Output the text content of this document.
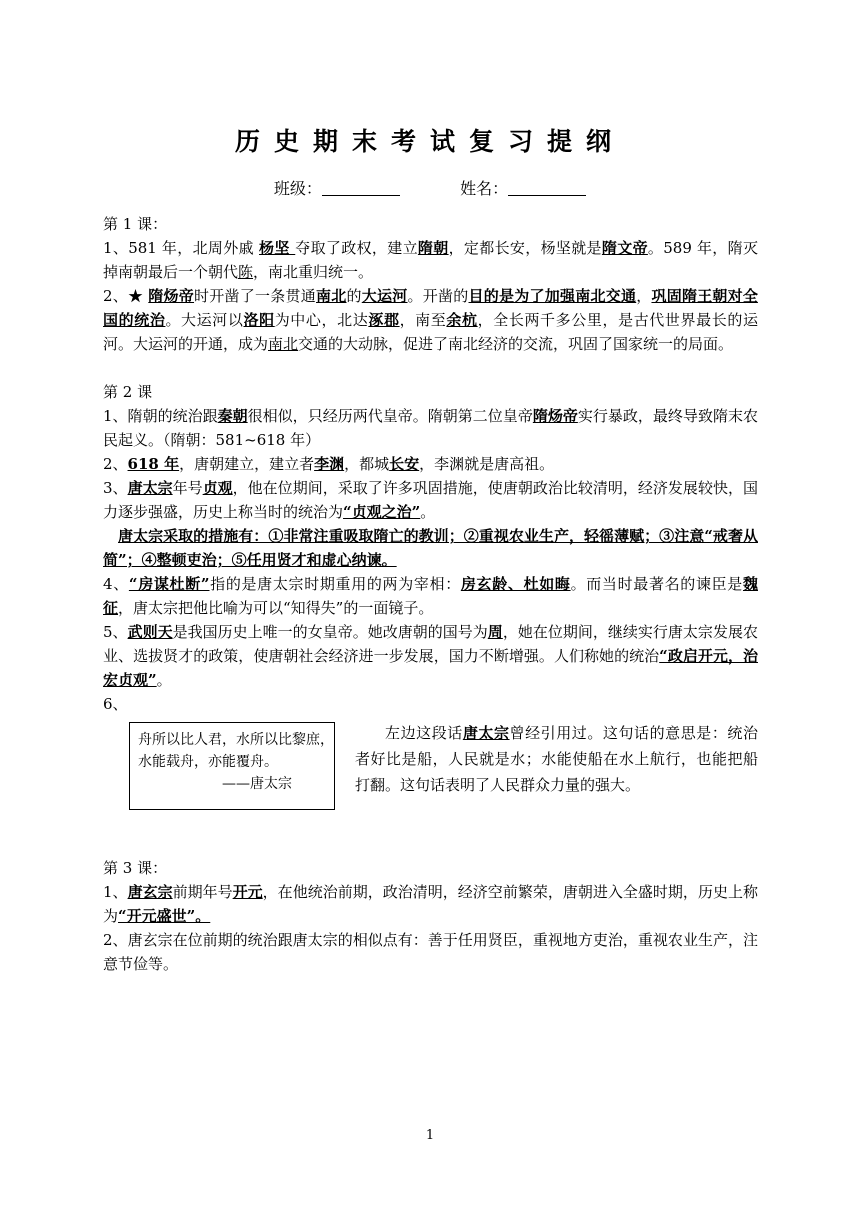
历史期末考试复习提纲
班级：	姓名：

第 1 课：

1、581 年，北周外戚 杨坚 夺取了政权，建立隋朝，定都长安，杨坚就是隋文帝。589 年，隋灭掉南朝最后一个朝代陈，南北重归统一。

2、★ 隋炀帝时开凿了一条贯通南北的大运河。开凿的目的是为了加强南北交通，巩固隋王朝对全国的统治。大运河以洛阳为中心，北达涿郡，南至余杭，全长两千多公里，是古代世界最长的运河。大运河的开通，成为南北交通的大动脉，促进了南北经济的交流，巩固了国家统一的局面。

第 2 课

1、隋朝的统治跟秦朝很相似，只经历两代皇帝。隋朝第二位皇帝隋炀帝实行暴政，最终导致隋末农民起义。（隋朝：581~618 年）

2、618 年，唐朝建立，建立者李渊，都城长安，李渊就是唐高祖。

3、唐太宗年号贞观，他在位期间，采取了许多巩固措施，使唐朝政治比较清明，经济发展较快，国力逐步强盛，历史上称当时的统治为“贞观之治”。

唐太宗采取的措施有：①非常注重吸取隋亡的教训；②重视农业生产，轻徭薄赋；③注意“戒奢从简”；④整顿吏治；⑤任用贤才和虚心纳谏。

4、“房谋杜断”指的是唐太宗时期重用的两为宰相：房玄龄、杜如晦。而当时最著名的谏臣是魏征，唐太宗把他比喻为可以“知得失”的一面镜子。

5、武则天是我国历史上唯一的女皇帝。她改唐朝的国号为周，她在位期间，继续实行唐太宗发展农业、选拔贤才的政策，使唐朝社会经济进一步发展，国力不断增强。人们称她的统治“政启开元，治宏贞观”。

6、

舟所以比人君，水所以比黎庶，水能载舟，亦能覆舟。
——唐太宗

左边这段话唐太宗曾经引用过。这句话的意思是：统治者好比是船，人民就是水；水能使船在水上航行，也能把船打翻。这句话表明了人民群众力量的强大。

第 3 课：

1、唐玄宗前期年号开元，在他统治前期，政治清明，经济空前繁荣，唐朝进入全盛时期，历史上称为“开元盛世”。

2、唐玄宗在位前期的统治跟唐太宗的相似点有：善于任用贤臣，重视地方吏治，重视农业生产，注意节俭等。

1
